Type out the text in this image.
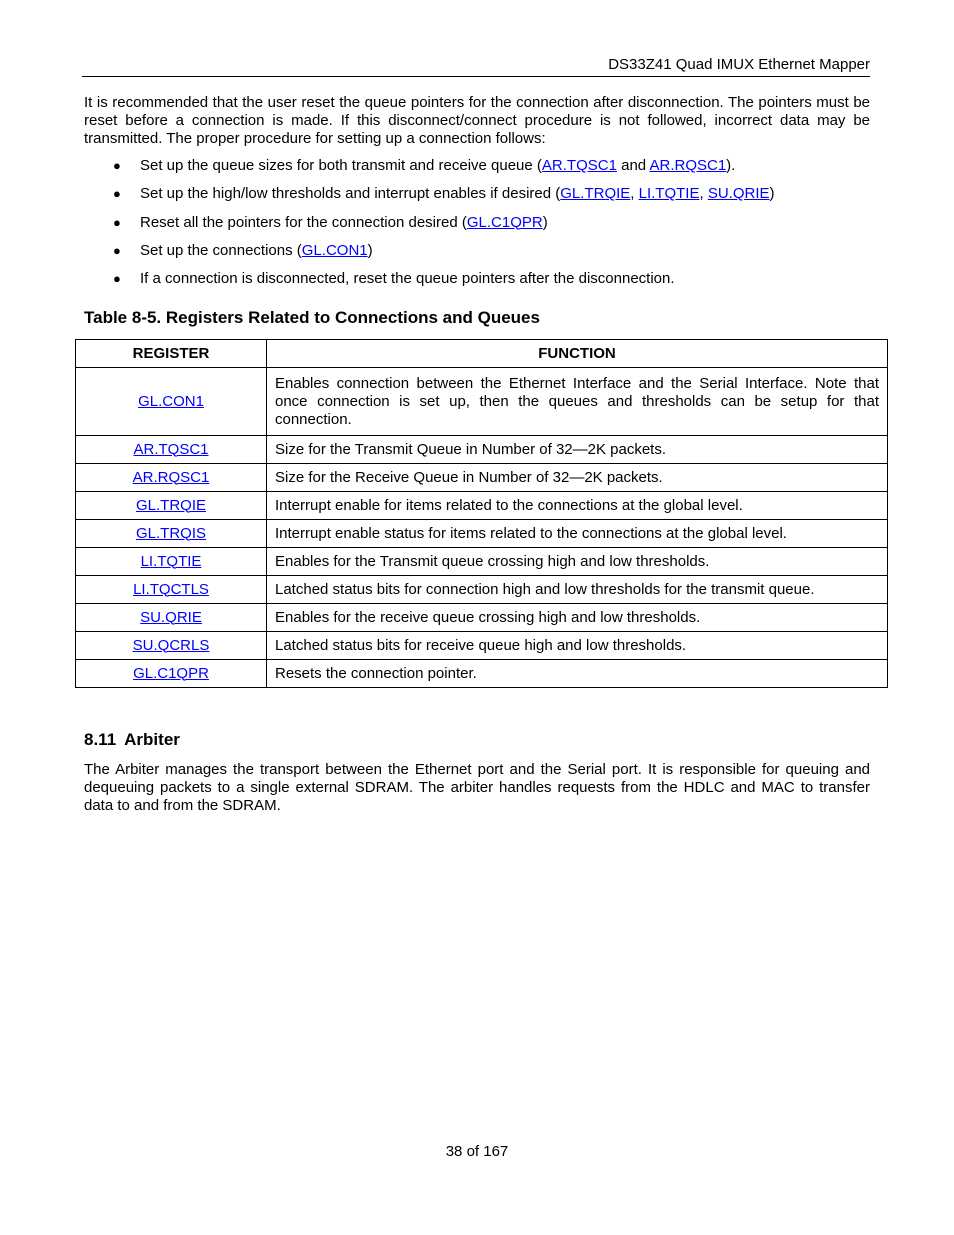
DS33Z41 Quad IMUX Ethernet Mapper
It is recommended that the user reset the queue pointers for the connection after disconnection. The pointers must be reset before a connection is made. If this disconnect/connect procedure is not followed, incorrect data may be transmitted. The proper procedure for setting up a connection follows:
● Set up the queue sizes for both transmit and receive queue (AR.TQSC1 and AR.RQSC1).
● Set up the high/low thresholds and interrupt enables if desired (GL.TRQIE, LI.TQTIE, SU.QRIE)
● Reset all the pointers for the connection desired (GL.C1QPR)
● Set up the connections (GL.CON1)
● If a connection is disconnected, reset the queue pointers after the disconnection.
Table 8-5. Registers Related to Connections and Queues
REGISTER	FUNCTION
GL.CON1	Enables connection between the Ethernet Interface and the Serial Interface. Note that once connection is set up, then the queues and thresholds can be setup for that connection.
AR.TQSC1	Size for the Transmit Queue in Number of 32—2K packets.
AR.RQSC1	Size for the Receive Queue in Number of 32—2K packets.
GL.TRQIE	Interrupt enable for items related to the connections at the global level.
GL.TRQIS	Interrupt enable status for items related to the connections at the global level.
LI.TQTIE	Enables for the Transmit queue crossing high and low thresholds.
LI.TQCTLS	Latched status bits for connection high and low thresholds for the transmit queue.
SU.QRIE	Enables for the receive queue crossing high and low thresholds.
SU.QCRLS	Latched status bits for receive queue high and low thresholds.
GL.C1QPR	Resets the connection pointer.
8.11 Arbiter
The Arbiter manages the transport between the Ethernet port and the Serial port. It is responsible for queuing and dequeuing packets to a single external SDRAM. The arbiter handles requests from the HDLC and MAC to transfer data to and from the SDRAM.
38 of 167
